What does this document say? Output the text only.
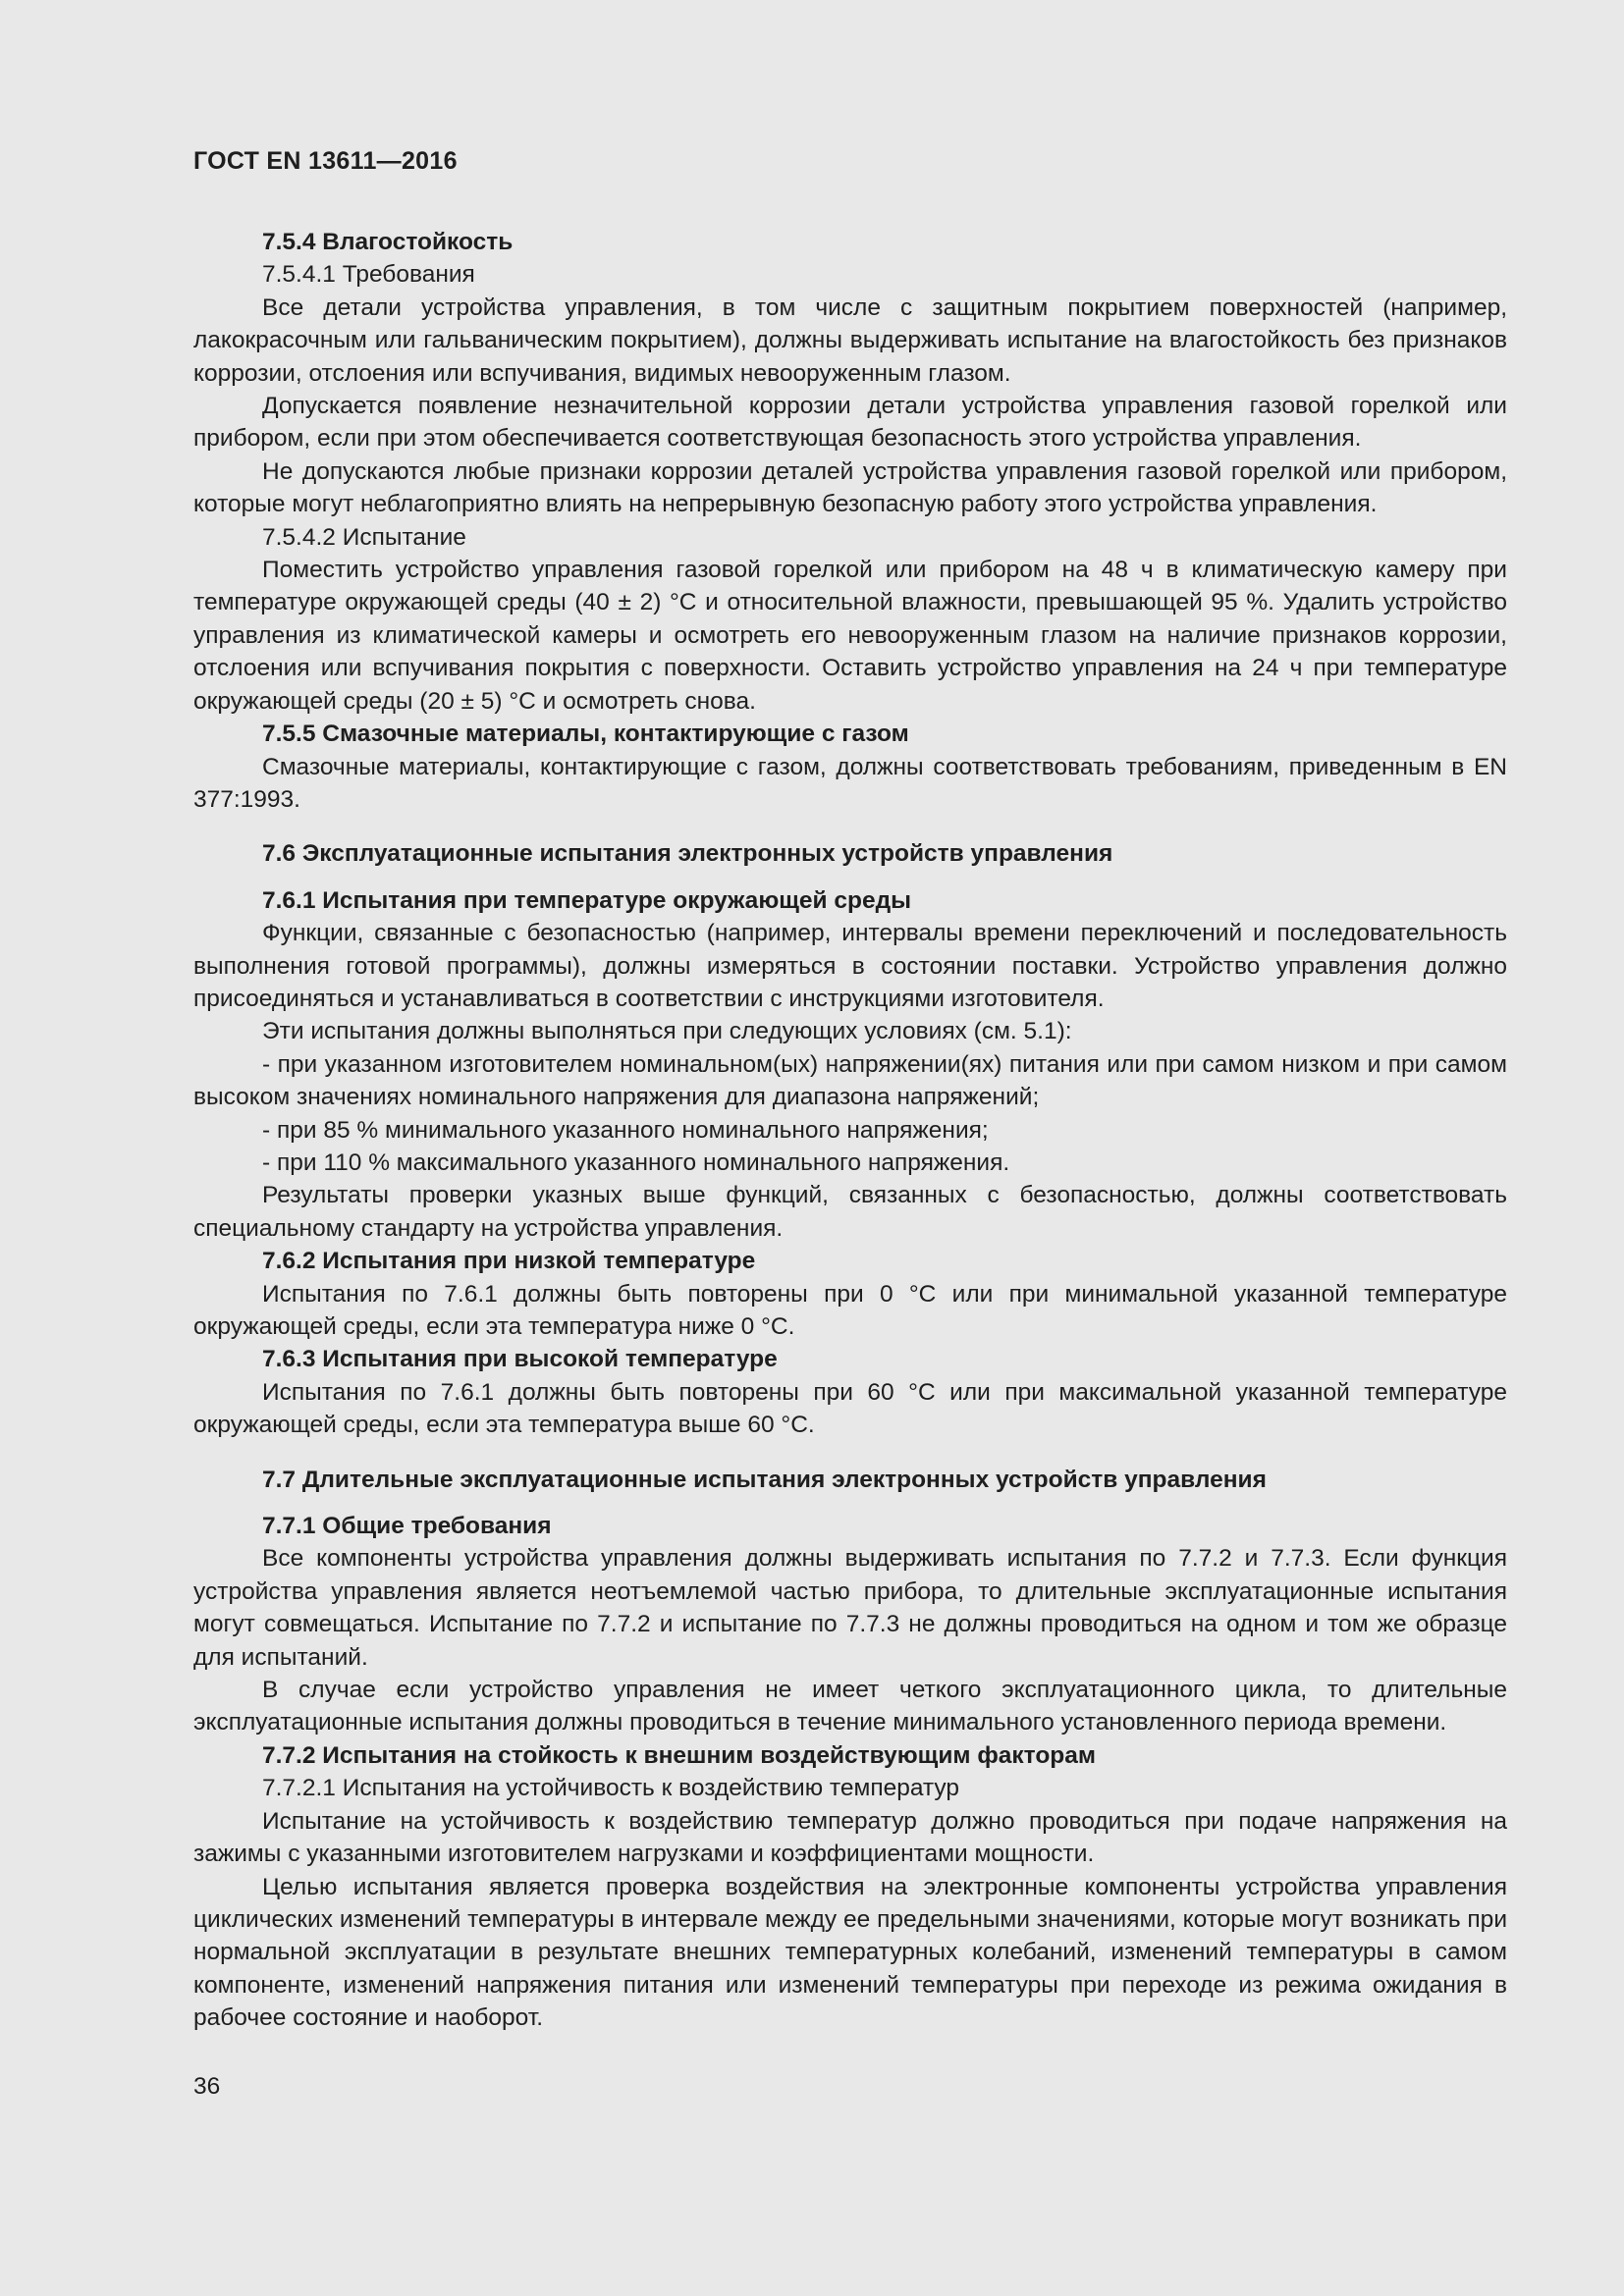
ГОСТ EN 13611—2016

7.5.4 Влагостойкость

7.5.4.1 Требования

Все детали устройства управления, в том числе с защитным покрытием поверхностей (например, лакокрасочным или гальваническим покрытием), должны выдерживать испытание на влагостойкость без признаков коррозии, отслоения или вспучивания, видимых невооруженным глазом.

Допускается появление незначительной коррозии детали устройства управления газовой горелкой или прибором, если при этом обеспечивается соответствующая безопасность этого устройства управления.

Не допускаются любые признаки коррозии деталей устройства управления газовой горелкой или прибором, которые могут неблагоприятно влиять на непрерывную безопасную работу этого устройства управления.

7.5.4.2 Испытание

Поместить устройство управления газовой горелкой или прибором на 48 ч в климатическую камеру при температуре окружающей среды (40 ± 2) °С и относительной влажности, превышающей 95 %. Удалить устройство управления из климатической камеры и осмотреть его невооруженным глазом на наличие признаков коррозии, отслоения или вспучивания покрытия с поверхности. Оставить устройство управления на 24 ч при температуре окружающей среды (20 ± 5) °С и осмотреть снова.

7.5.5 Смазочные материалы, контактирующие с газом

Смазочные материалы, контактирующие с газом, должны соответствовать требованиям, приведенным в EN 377:1993.

7.6 Эксплуатационные испытания электронных устройств управления

7.6.1 Испытания при температуре окружающей среды

Функции, связанные с безопасностью (например, интервалы времени переключений и последовательность выполнения готовой программы), должны измеряться в состоянии поставки. Устройство управления должно присоединяться и устанавливаться в соответствии с инструкциями изготовителя.

Эти испытания должны выполняться при следующих условиях (см. 5.1):

- при указанном изготовителем номинальном(ых) напряжении(ях) питания или при самом низком и при самом высоком значениях номинального напряжения для диапазона напряжений;

- при 85 % минимального указанного номинального напряжения;

- при 110 % максимального указанного номинального напряжения.

Результаты проверки указных выше функций, связанных с безопасностью, должны соответствовать специальному стандарту на устройства управления.

7.6.2 Испытания при низкой температуре

Испытания по 7.6.1 должны быть повторены при 0 °С или при минимальной указанной температуре окружающей среды, если эта температура ниже 0 °С.

7.6.3 Испытания при высокой температуре

Испытания по 7.6.1 должны быть повторены при 60 °С или при максимальной указанной температуре окружающей среды, если эта температура выше 60 °С.

7.7 Длительные эксплуатационные испытания электронных устройств управления

7.7.1 Общие требования

Все компоненты устройства управления должны выдерживать испытания по 7.7.2 и 7.7.3. Если функция устройства управления является неотъемлемой частью прибора, то длительные эксплуатационные испытания могут совмещаться. Испытание по 7.7.2 и испытание по 7.7.3 не должны проводиться на одном и том же образце для испытаний.

В случае если устройство управления не имеет четкого эксплуатационного цикла, то длительные эксплуатационные испытания должны проводиться в течение минимального установленного периода времени.

7.7.2 Испытания на стойкость к внешним воздействующим факторам

7.7.2.1 Испытания на устойчивость к воздействию температур

Испытание на устойчивость к воздействию температур должно проводиться при подаче напряжения на зажимы с указанными изготовителем нагрузками и коэффициентами мощности.

Целью испытания является проверка воздействия на электронные компоненты устройства управления циклических изменений температуры в интервале между ее предельными значениями, которые могут возникать при нормальной эксплуатации в результате внешних температурных колебаний, изменений температуры в самом компоненте, изменений напряжения питания или изменений температуры при переходе из режима ожидания в рабочее состояние и наоборот.

36
